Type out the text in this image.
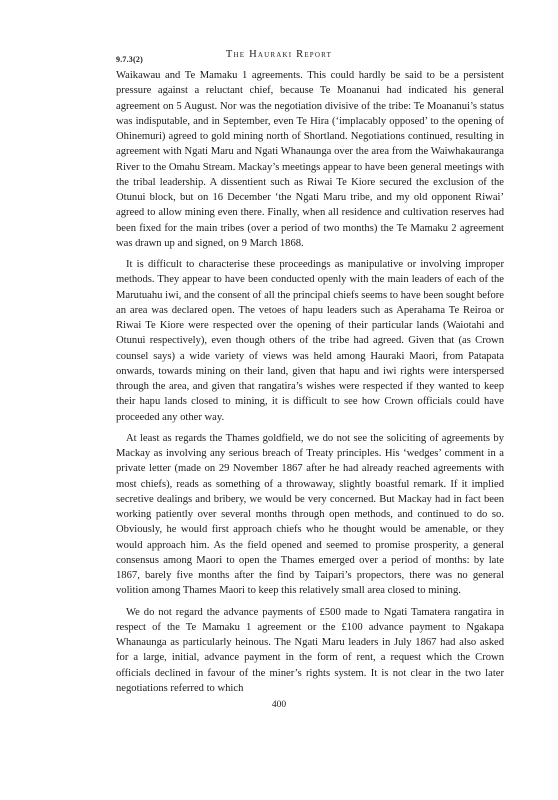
9.7.3(2)	The Hauraki Report

Waikawau and Te Mamaku 1 agreements. This could hardly be said to be a persistent pressure against a reluctant chief, because Te Moananui had indicated his general agreement on 5 August. Nor was the negotiation divisive of the tribe: Te Moananui’s status was indisputable, and in September, even Te Hira (‘implacably opposed’ to the opening of Ohinemuri) agreed to gold mining north of Shortland. Negotiations continued, resulting in agreement with Ngati Maru and Ngati Whanaunga over the area from the Waiwhakauranga River to the Omahu Stream. Mackay’s meetings appear to have been general meetings with the tribal leadership. A dissentient such as Riwai Te Kiore secured the exclusion of the Otunui block, but on 16 December ‘the Ngati Maru tribe, and my old opponent Riwai’ agreed to allow mining even there. Finally, when all residence and cultivation reserves had been fixed for the main tribes (over a period of two months) the Te Mamaku 2 agreement was drawn up and signed, on 9 March 1868.

It is difficult to characterise these proceedings as manipulative or involving improper methods. They appear to have been conducted openly with the main leaders of each of the Marutuahu iwi, and the consent of all the principal chiefs seems to have been sought before an area was declared open. The vetoes of hapu leaders such as Aperahama Te Reiroa or Riwai Te Kiore were respected over the opening of their particular lands (Waiotahi and Otunui respectively), even though others of the tribe had agreed. Given that (as Crown counsel says) a wide variety of views was held among Hauraki Maori, from Patapata onwards, towards mining on their land, given that hapu and iwi rights were interspersed through the area, and given that rangatira’s wishes were respected if they wanted to keep their hapu lands closed to mining, it is difficult to see how Crown officials could have proceeded any other way.

At least as regards the Thames goldfield, we do not see the soliciting of agreements by Mackay as involving any serious breach of Treaty principles. His ‘wedges’ comment in a private letter (made on 29 November 1867 after he had already reached agreements with most chiefs), reads as something of a throwaway, slightly boastful remark. If it implied secretive dealings and bribery, we would be very concerned. But Mackay had in fact been working patiently over several months through open methods, and continued to do so. Obviously, he would first approach chiefs who he thought would be amenable, or they would approach him. As the field opened and seemed to promise prosperity, a general consensus among Maori to open the Thames emerged over a period of months: by late 1867, barely five months after the find by Taipari’s propectors, there was no general volition among Thames Maori to keep this relatively small area closed to mining.

We do not regard the advance payments of £500 made to Ngati Tamatera rangatira in respect of the Te Mamaku 1 agreement or the £100 advance payment to Ngakapa Whanaunga as particularly heinous. The Ngati Maru leaders in July 1867 had also asked for a large, initial, advance payment in the form of rent, a request which the Crown officials declined in favour of the miner’s rights system. It is not clear in the two later negotiations referred to which

400
